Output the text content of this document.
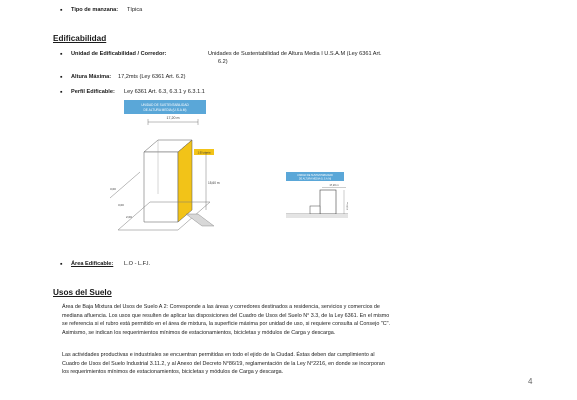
▪ Tipo de manzana: Típica
Edificabilidad
▪ Unidad de Edificabilidad / Corredor:	Unidades de Sustentabilidad de Altura Media I U.S.A.M (Ley 6361 Art.
6.2)
▪ Altura Máxima: 17,2mts (Ley 6361 Art. 6.2)
▪ Perfil Edificable: Ley 6361 Art. 6.3, 6.3.1 y 6.3.1.1
UNIDAD DE SUSTENTABILIDAD
DE ALTURA MEDIA (U.S.A.M)
17,20 m
1:50 planta
15,60 m
3,00
3,00
2,00
UNIDAD DE SUSTENTABILIDAD
DE ALTURA MEDIA (U.S.A.M)
17,20 m
13,50 m
▪ Área Edificable: L.O - L.F.I.
Usos del Suelo
Área de Baja Mixtura del Usos de Suelo A 2: Corresponde a las áreas y corredores destinados a residencia, servicios y comercios de mediana afluencia. Los usos que resulten de aplicar las disposiciones del Cuadro de Usos del Suelo N° 3.3, de la Ley 6361. En el mismo se referencia si el rubro está permitido en el área de mixtura, la superficie máxima por unidad de uso, si requiere consulta al Consejo "C". Asimismo, se indican los requerimientos mínimos de estacionamientos, bicicletas y módulos de Carga y descarga.
Las actividades productivas e industriales se encuentran permitidas en todo el ejido de la Ciudad. Éstas deben dar cumplimiento al Cuadro de Usos del Suelo Industrial 3.11.2, y al Anexo del Decreto N°86/19, reglamentación de la Ley N°2216, en donde se incorporan los requerimientos mínimos de estacionamientos, bicicletas y módulos de Carga y descarga.
4
